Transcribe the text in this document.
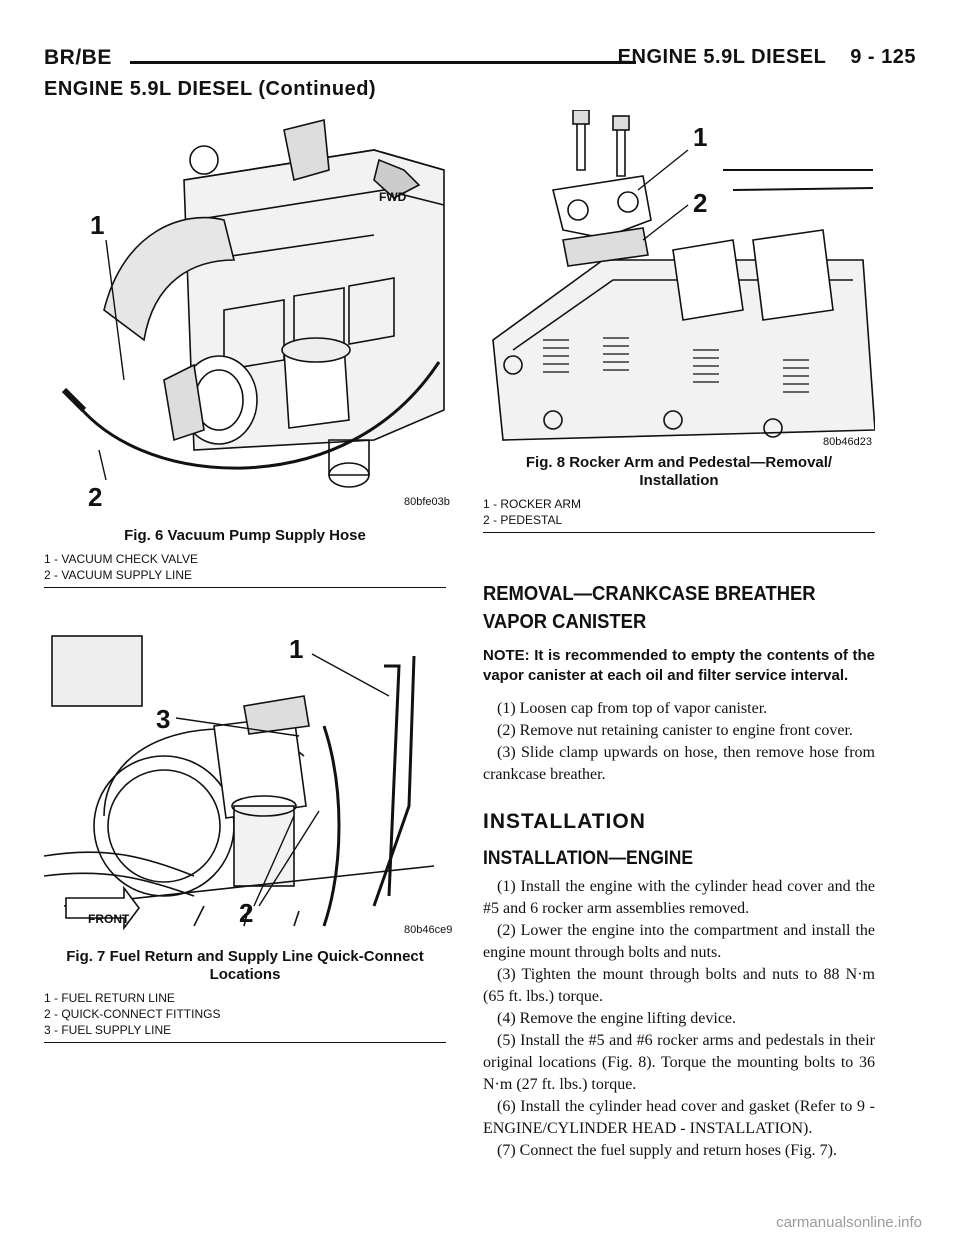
BR/BE	ENGINE 5.9L DIESEL    9 - 125
ENGINE 5.9L DIESEL (Continued)
FWD
1
2	80bfe03b
Fig. 6 Vacuum Pump Supply Hose
1 - VACUUM CHECK VALVE
2 - VACUUM SUPPLY LINE
FRONT
1
2
3
80b46ce9
Fig. 7 Fuel Return and Supply Line Quick-Connect
Locations
1 - FUEL RETURN LINE
2 - QUICK-CONNECT FITTINGS
3 - FUEL SUPPLY LINE
1
2
80b46d23
Fig. 8 Rocker Arm and Pedestal—Removal/
Installation
1 - ROCKER ARM
2 - PEDESTAL
REMOVAL—CRANKCASE BREATHER VAPOR CANISTER
NOTE: It is recommended to empty the contents of the vapor canister at each oil and filter service interval.

(1) Loosen cap from top of vapor canister.

(2) Remove nut retaining canister to engine front cover.

(3) Slide clamp upwards on hose, then remove hose from crankcase breather.

INSTALLATION
INSTALLATION—ENGINE

(1) Install the engine with the cylinder head cover and the #5 and 6 rocker arm assemblies removed.

(2) Lower the engine into the compartment and install the engine mount through bolts and nuts.

(3) Tighten the mount through bolts and nuts to 88 N·m (65 ft. lbs.) torque.

(4) Remove the engine lifting device.

(5) Install the #5 and #6 rocker arms and pedestals in their original locations (Fig. 8). Torque the mounting bolts to 36 N·m (27 ft. lbs.) torque.

(6) Install the cylinder head cover and gasket (Refer to 9 - ENGINE/CYLINDER HEAD - INSTALLATION).

(7) Connect the fuel supply and return hoses (Fig. 7).

carmanualsonline.info
